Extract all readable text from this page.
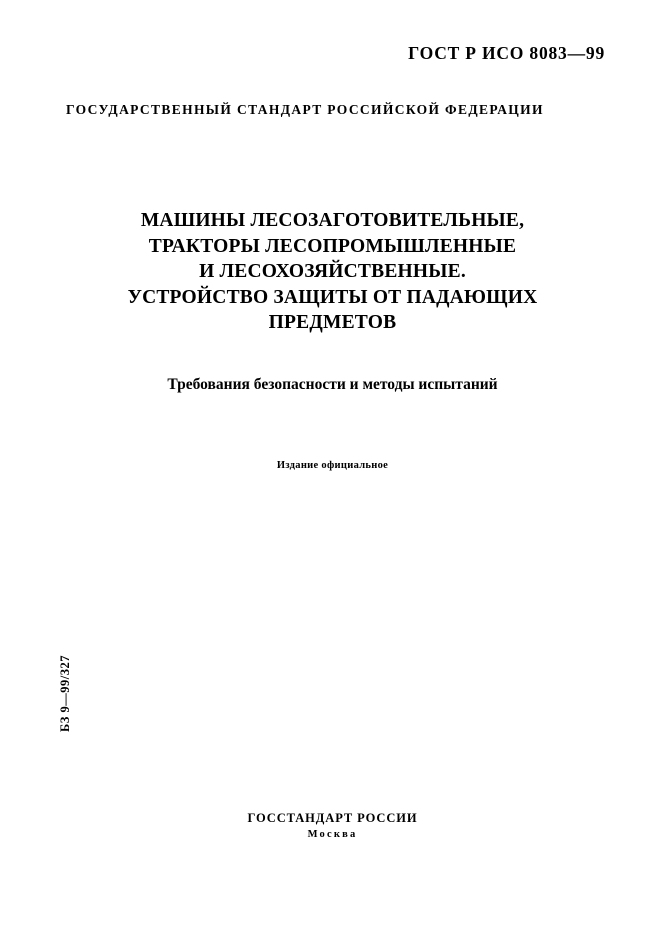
ГОСТ Р ИСО 8083—99
ГОСУДАРСТВЕННЫЙ СТАНДАРТ РОССИЙСКОЙ ФЕДЕРАЦИИ
МАШИНЫ ЛЕСОЗАГОТОВИТЕЛЬНЫЕ,
ТРАКТОРЫ ЛЕСОПРОМЫШЛЕННЫЕ
И ЛЕСОХОЗЯЙСТВЕННЫЕ.
УСТРОЙСТВО ЗАЩИТЫ ОТ ПАДАЮЩИХ
ПРЕДМЕТОВ
Требования безопасности и методы испытаний
Издание официальное
БЗ 9—99/327
ГОССТАНДАРТ РОССИИ
Москва
